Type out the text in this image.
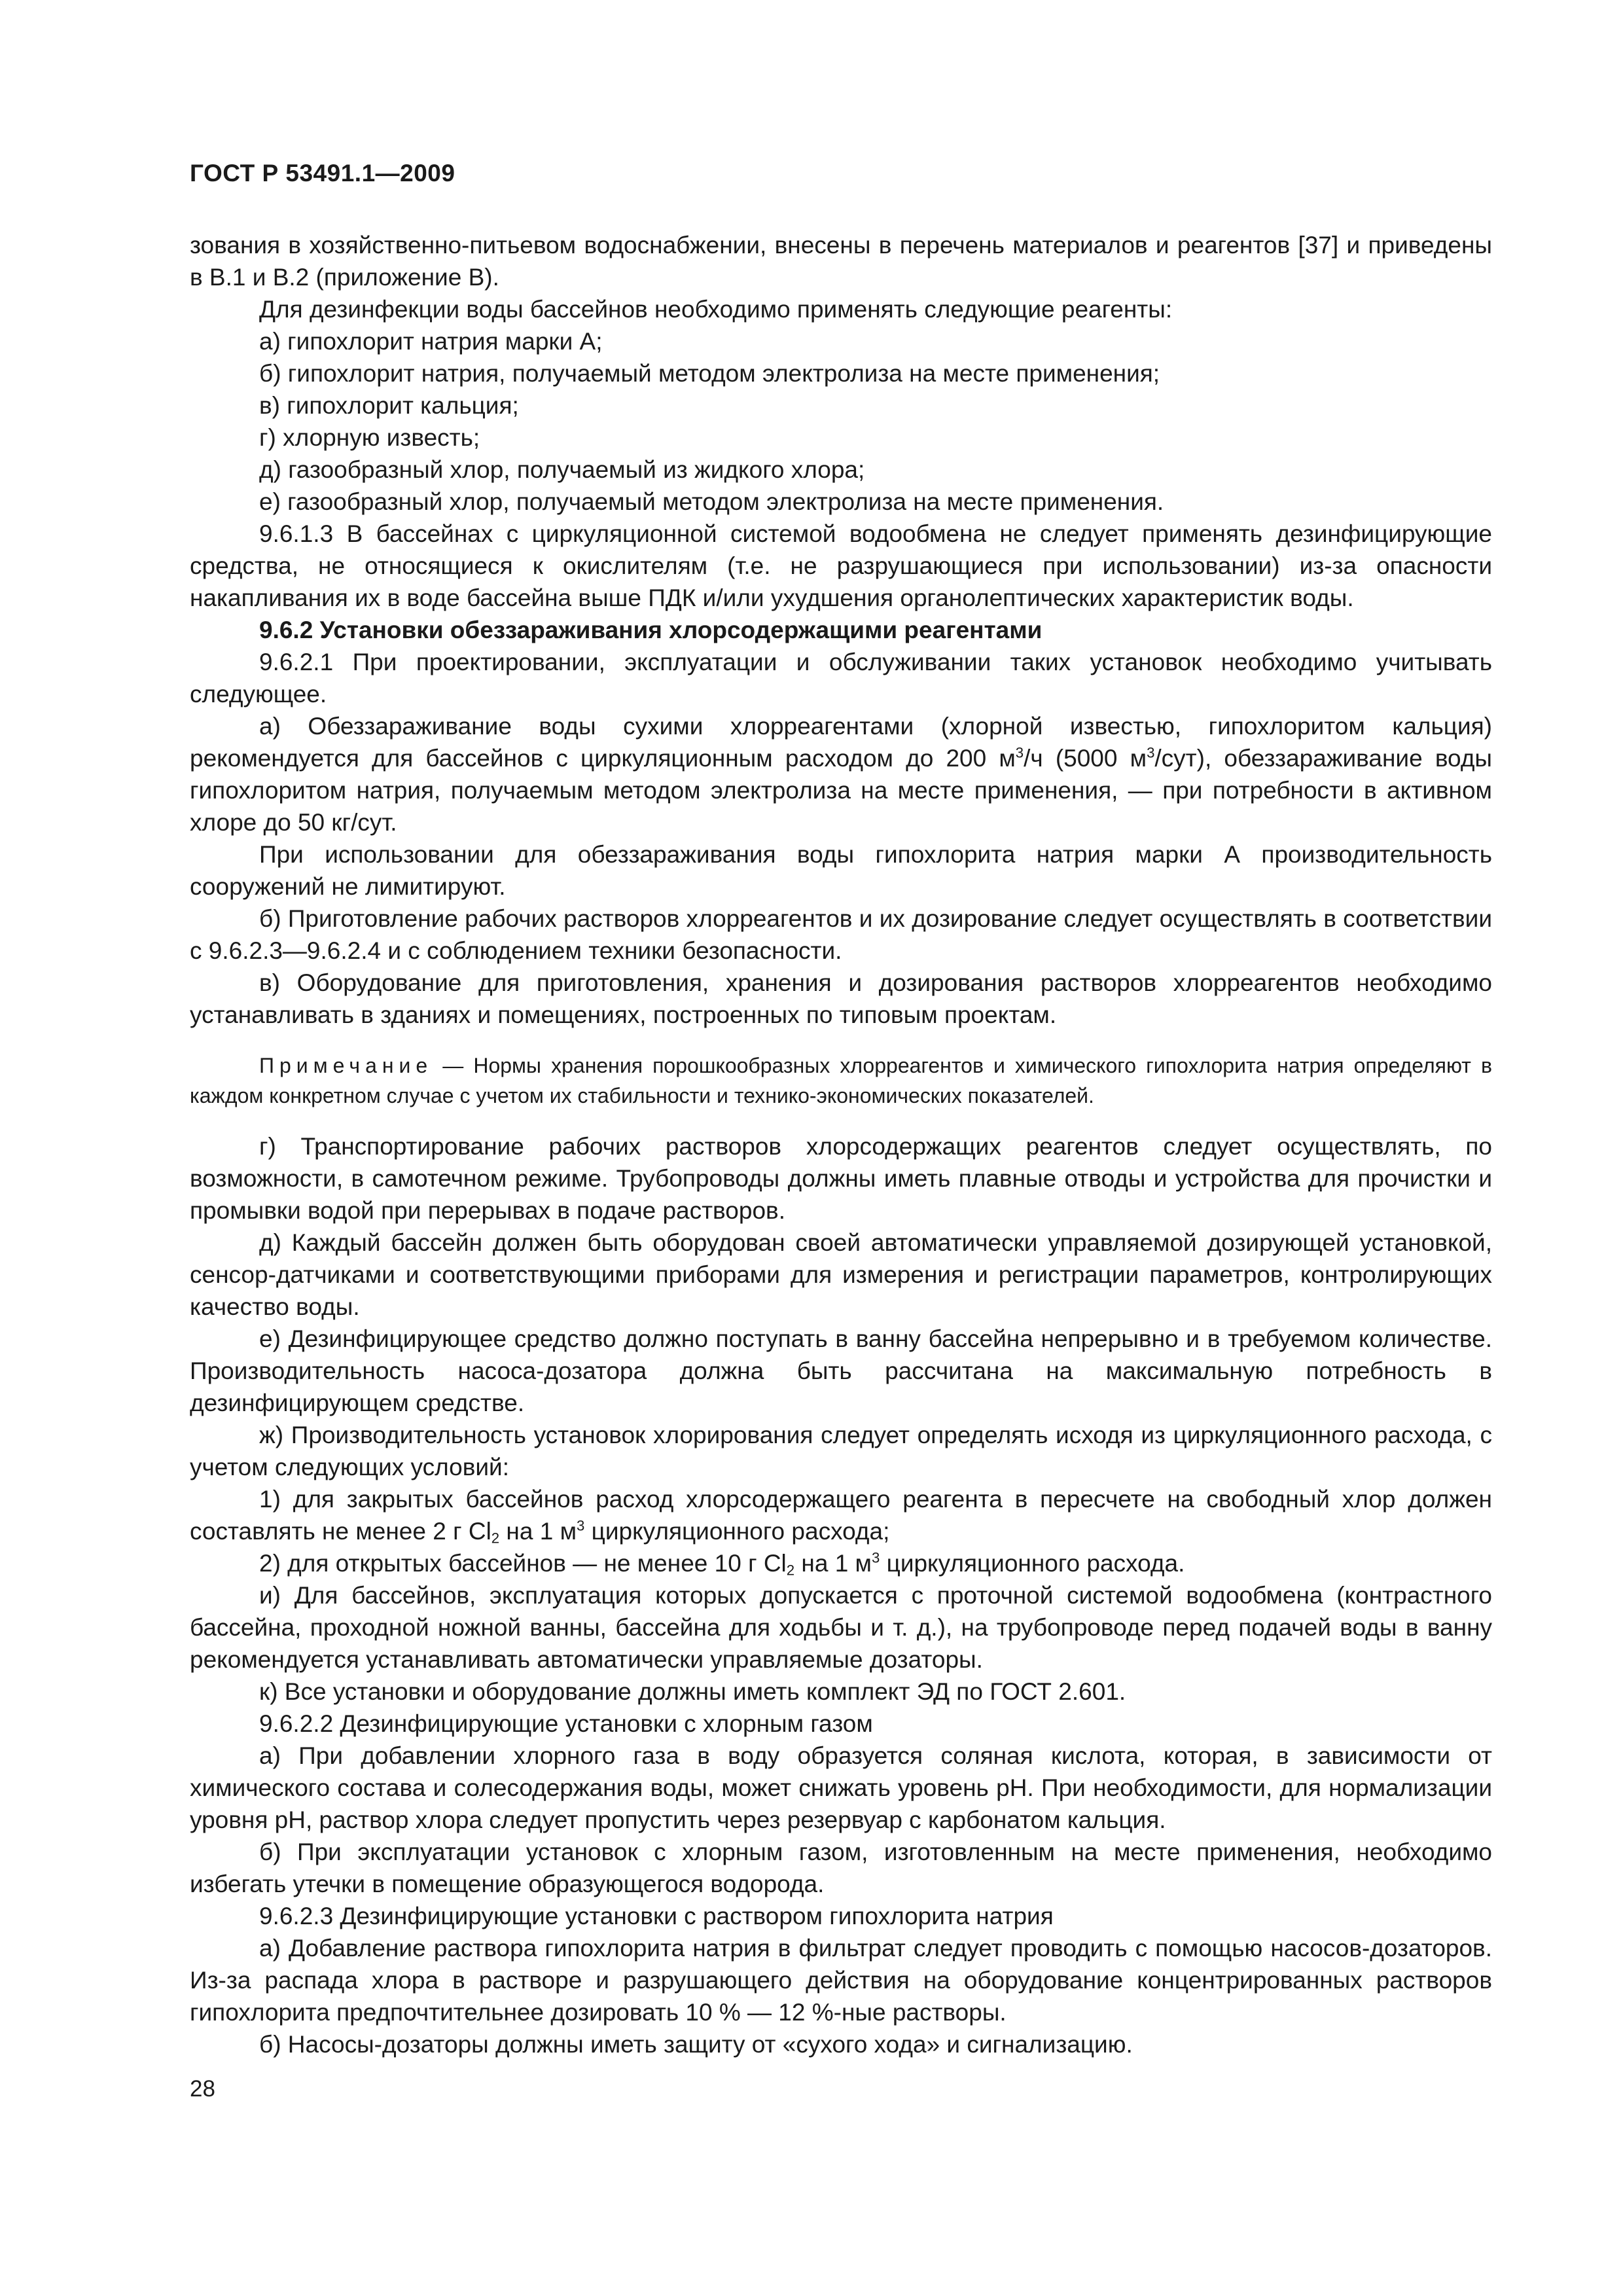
ГОСТ Р 53491.1—2009

зования в хозяйственно-питьевом водоснабжении, внесены в перечень материалов и реагентов [37] и приведены в В.1 и В.2 (приложение В).

Для дезинфекции воды бассейнов необходимо применять следующие реагенты:

а) гипохлорит натрия марки А;

б) гипохлорит натрия, получаемый методом электролиза на месте применения;

в) гипохлорит кальция;

г) хлорную известь;

д) газообразный хлор, получаемый из жидкого хлора;

е) газообразный хлор, получаемый методом электролиза на месте применения.

9.6.1.3 В бассейнах с циркуляционной системой водообмена не следует применять дезинфицирующие средства, не относящиеся к окислителям (т.е. не разрушающиеся при использовании) из-за опасности накапливания их в воде бассейна выше ПДК и/или ухудшения органолептических характеристик воды.

9.6.2 Установки обеззараживания хлорсодержащими реагентами

9.6.2.1 При проектировании, эксплуатации и обслуживании таких установок необходимо учитывать следующее.

а) Обеззараживание воды сухими хлорреагентами (хлорной известью, гипохлоритом кальция) рекомендуется для бассейнов с циркуляционным расходом до 200 $м^3/ч$ (5000 $м^3/сут$), обеззараживание воды гипохлоритом натрия, получаемым методом электролиза на месте применения, — при потребности в активном хлоре до 50 кг/сут.

При использовании для обеззараживания воды гипохлорита натрия марки А производительность сооружений не лимитируют.

б) Приготовление рабочих растворов хлорреагентов и их дозирование следует осуществлять в соответствии с 9.6.2.3—9.6.2.4 и с соблюдением техники безопасности.

в) Оборудование для приготовления, хранения и дозирования растворов хлорреагентов необходимо устанавливать в зданиях и помещениях, построенных по типовым проектам.

Примечание — Нормы хранения порошкообразных хлорреагентов и химического гипохлорита натрия определяют в каждом конкретном случае с учетом их стабильности и технико-экономических показателей.

г) Транспортирование рабочих растворов хлорсодержащих реагентов следует осуществлять, по возможности, в самотечном режиме. Трубопроводы должны иметь плавные отводы и устройства для прочистки и промывки водой при перерывах в подаче растворов.

д) Каждый бассейн должен быть оборудован своей автоматически управляемой дозирующей установкой, сенсор-датчиками и соответствующими приборами для измерения и регистрации параметров, контролирующих качество воды.

е) Дезинфицирующее средство должно поступать в ванну бассейна непрерывно и в требуемом количестве. Производительность насоса-дозатора должна быть рассчитана на максимальную потребность в дезинфицирующем средстве.

ж) Производительность установок хлорирования следует определять исходя из циркуляционного расхода, с учетом следующих условий:

1) для закрытых бассейнов расход хлорсодержащего реагента в пересчете на свободный хлор должен составлять не менее 2 г $Cl_2$ на 1 $м^3$ циркуляционного расхода;

2) для открытых бассейнов — не менее 10 г $Cl_2$ на 1 $м^3$ циркуляционного расхода.

и) Для бассейнов, эксплуатация которых допускается с проточной системой водообмена (контрастного бассейна, проходной ножной ванны, бассейна для ходьбы и т. д.), на трубопроводе перед подачей воды в ванну рекомендуется устанавливать автоматически управляемые дозаторы.

к) Все установки и оборудование должны иметь комплект ЭД по ГОСТ 2.601.

9.6.2.2 Дезинфицирующие установки с хлорным газом

а) При добавлении хлорного газа в воду образуется соляная кислота, которая, в зависимости от химического состава и солесодержания воды, может снижать уровень pH. При необходимости, для нормализации уровня pH, раствор хлора следует пропустить через резервуар с карбонатом кальция.

б) При эксплуатации установок с хлорным газом, изготовленным на месте применения, необходимо избегать утечки в помещение образующегося водорода.

9.6.2.3 Дезинфицирующие установки с раствором гипохлорита натрия

а) Добавление раствора гипохлорита натрия в фильтрат следует проводить с помощью насосов-дозаторов. Из-за распада хлора в растворе и разрушающего действия на оборудование концентрированных растворов гипохлорита предпочтительнее дозировать 10 % — 12 %-ные растворы.

б) Насосы-дозаторы должны иметь защиту от «сухого хода» и сигнализацию.

28
